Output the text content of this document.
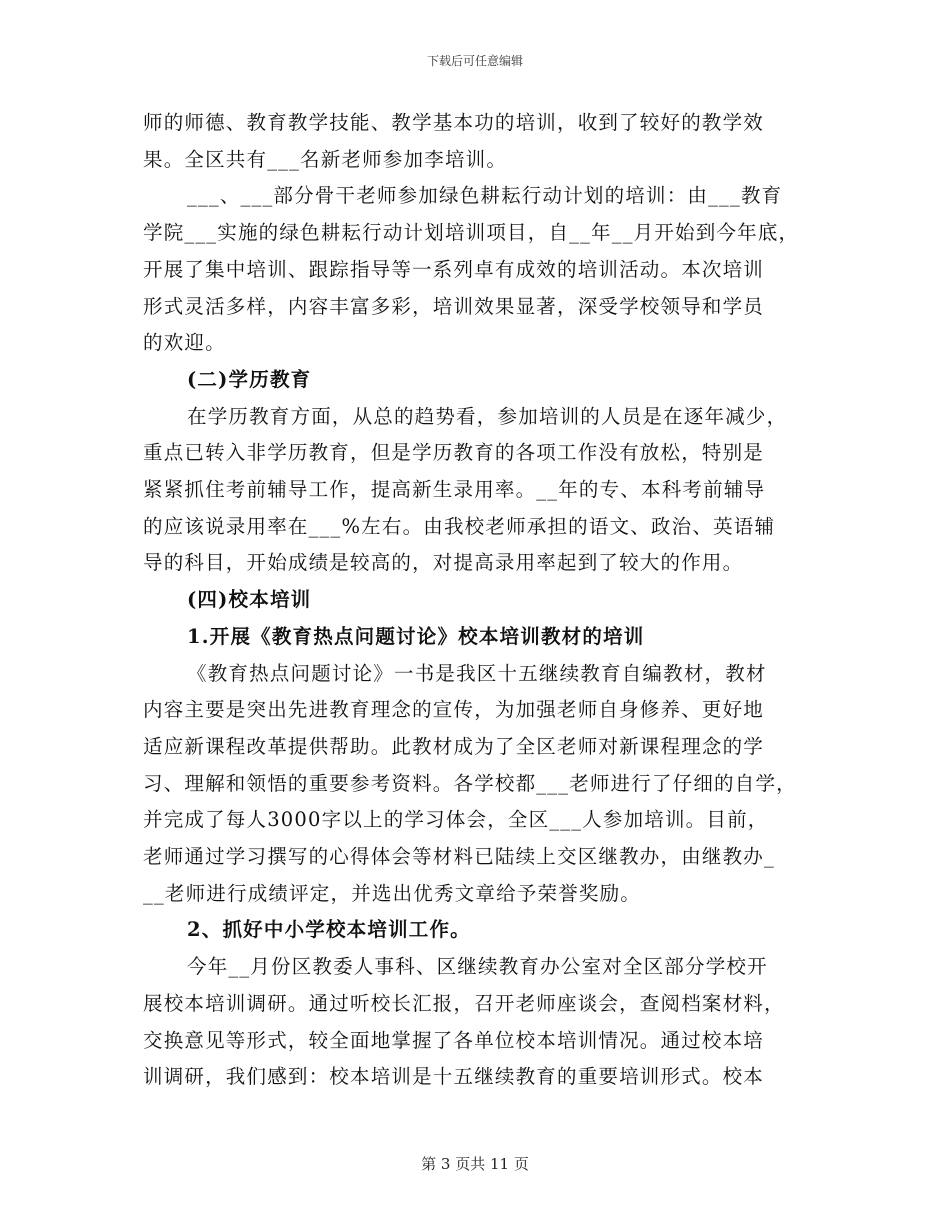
下载后可任意编辑
师的师德、教育教学技能、教学基本功的培训，收到了较好的教学效
果。全区共有___名新老师参加李培训。
___、___部分骨干老师参加绿色耕耘行动计划的培训：由___教育
学院___实施的绿色耕耘行动计划培训项目，自__年__月开始到今年底，
开展了集中培训、跟踪指导等一系列卓有成效的培训活动。本次培训
形式灵活多样，内容丰富多彩，培训效果显著，深受学校领导和学员
的欢迎。
(二)学历教育
在学历教育方面，从总的趋势看，参加培训的人员是在逐年减少，
重点已转入非学历教育，但是学历教育的各项工作没有放松，特别是
紧紧抓住考前辅导工作，提高新生录用率。__年的专、本科考前辅导
的应该说录用率在___%左右。由我校老师承担的语文、政治、英语辅
导的科目，开始成绩是较高的，对提高录用率起到了较大的作用。
(四)校本培训
1.开展《教育热点问题讨论》校本培训教材的培训
《教育热点问题讨论》一书是我区十五继续教育自编教材，教材
内容主要是突出先进教育理念的宣传，为加强老师自身修养、更好地
适应新课程改革提供帮助。此教材成为了全区老师对新课程理念的学
习、理解和领悟的重要参考资料。各学校都___老师进行了仔细的自学，
并完成了每人3000字以上的学习体会，全区___人参加培训。目前，
老师通过学习撰写的心得体会等材料已陆续上交区继教办，由继教办_
__老师进行成绩评定，并选出优秀文章给予荣誉奖励。
2、抓好中小学校本培训工作。
今年__月份区教委人事科、区继续教育办公室对全区部分学校开
展校本培训调研。通过听校长汇报，召开老师座谈会，查阅档案材料，
交换意见等形式，较全面地掌握了各单位校本培训情况。通过校本培
训调研，我们感到：校本培训是十五继续教育的重要培训形式。校本
第 3 页共 11 页
